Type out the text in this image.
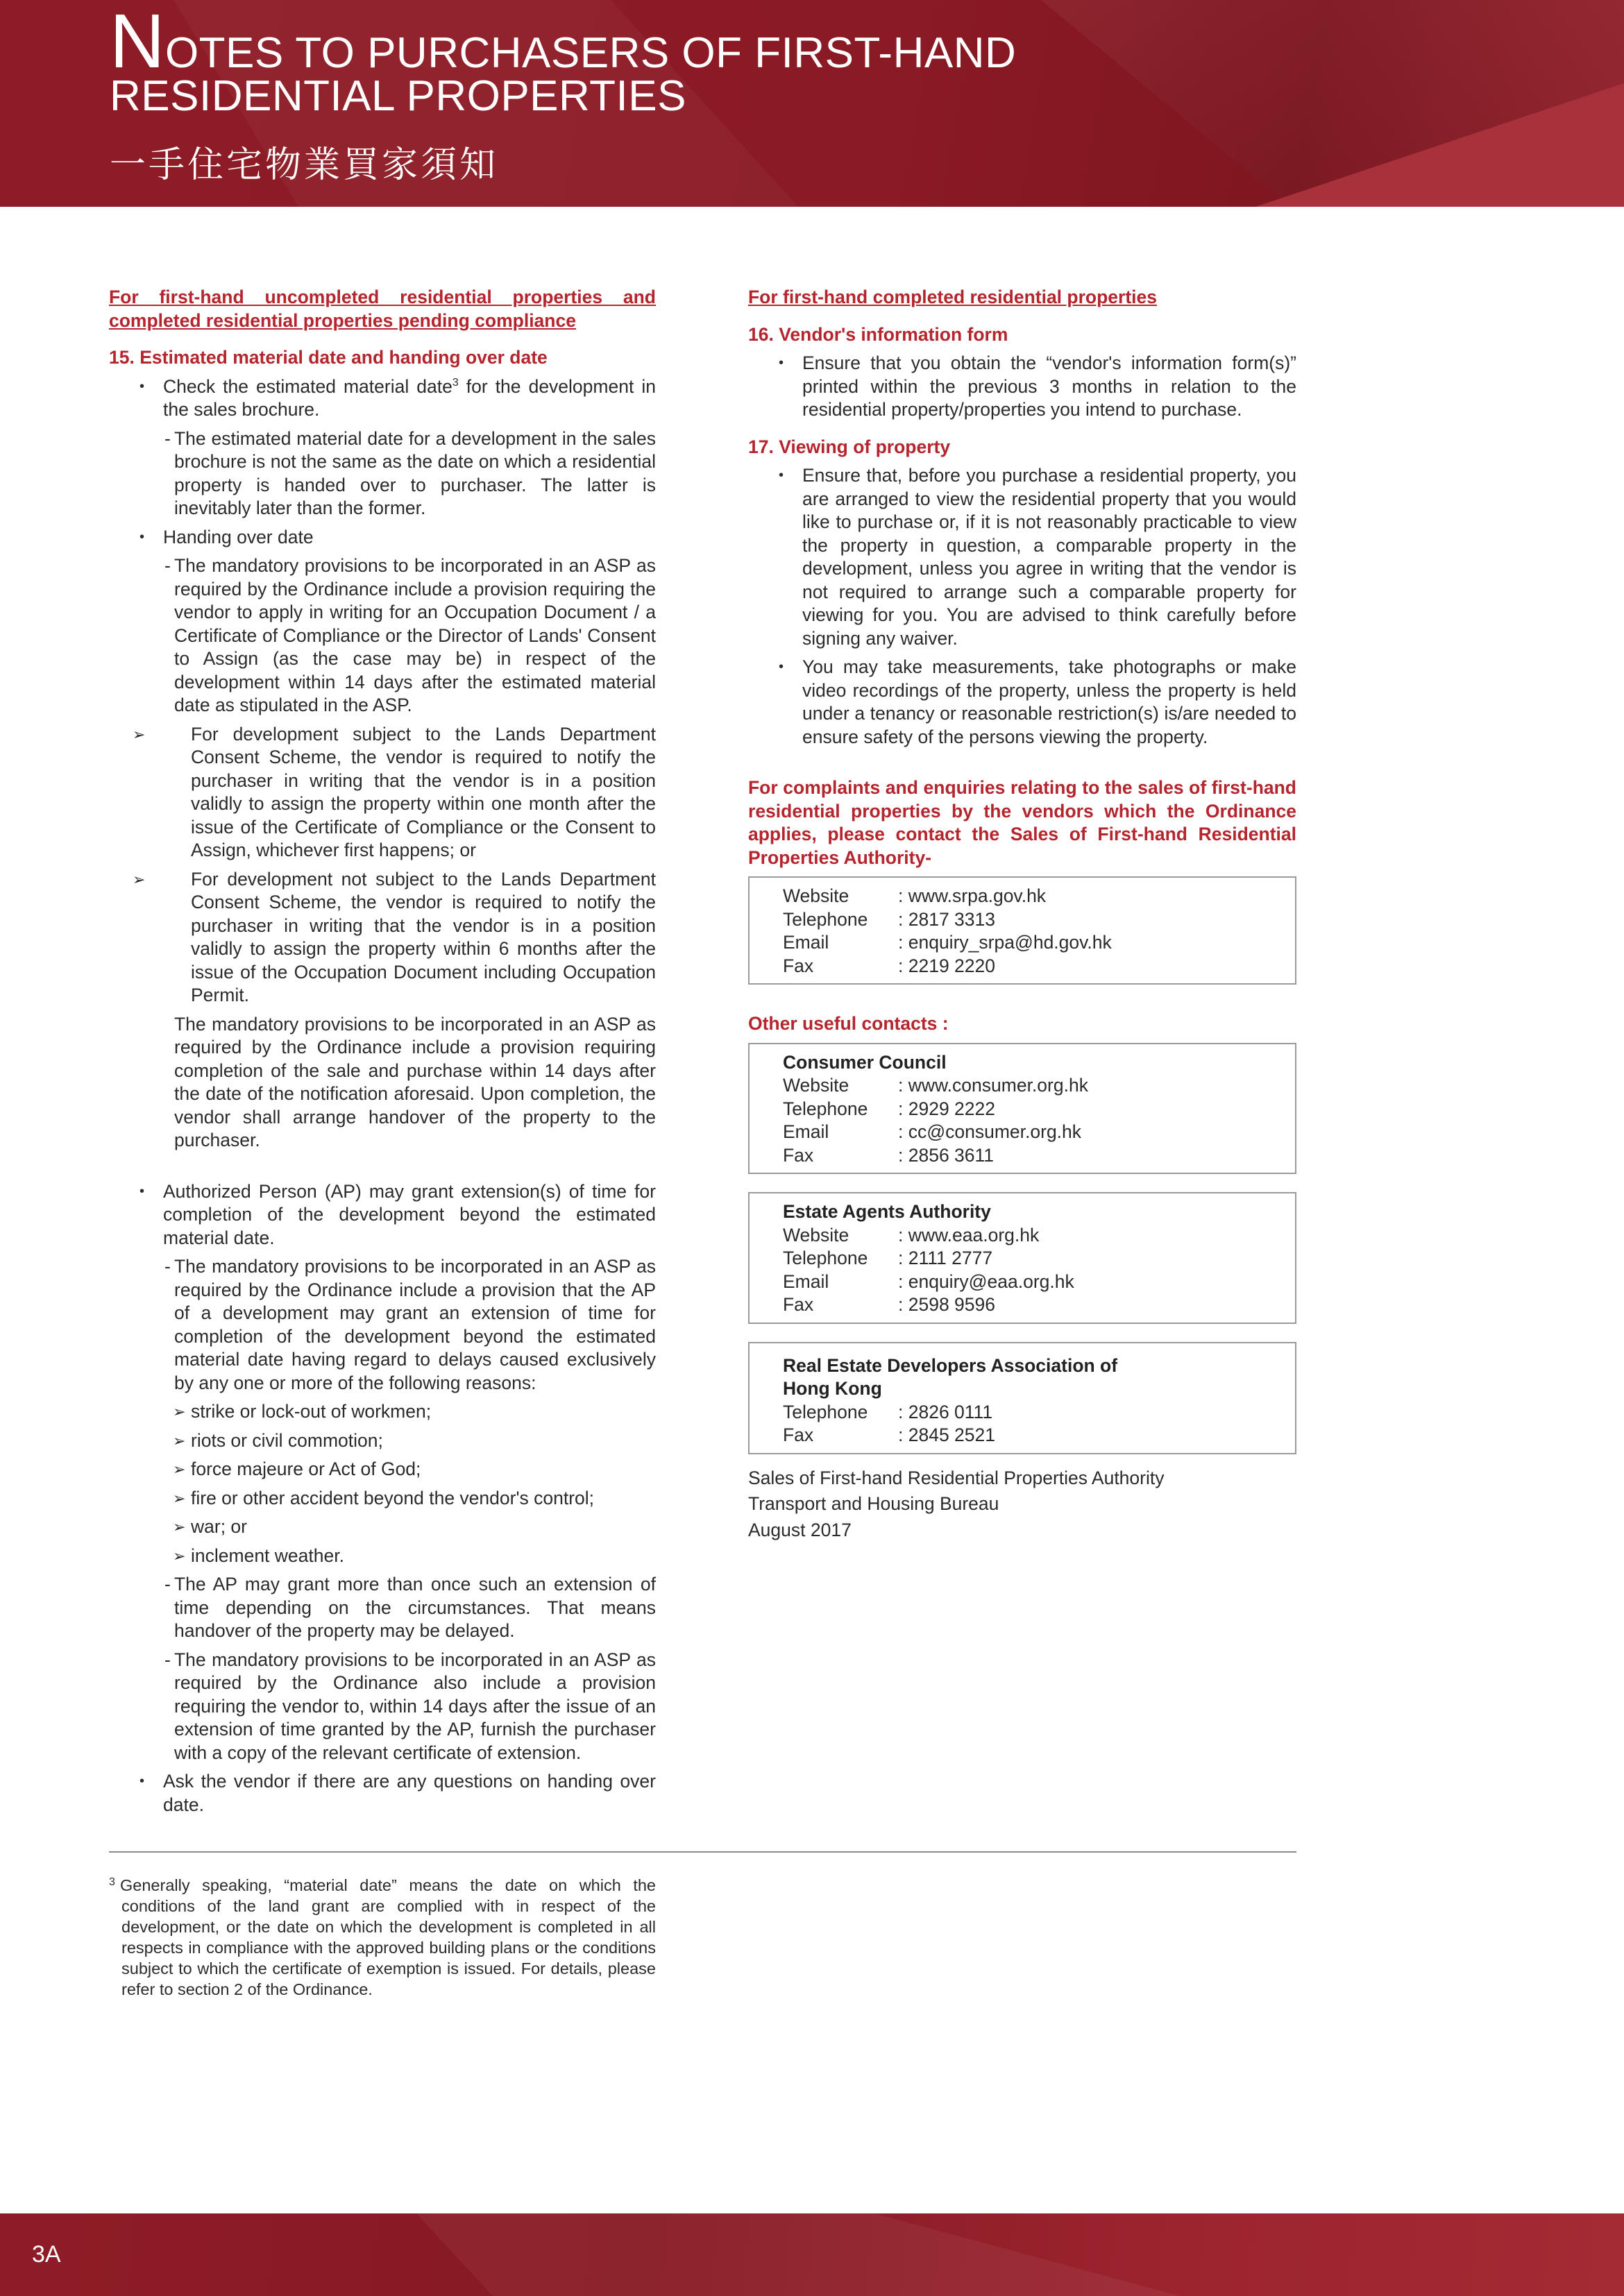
NOTES TO PURCHASERS OF FIRST-HAND
RESIDENTIAL PROPERTIES
一手住宅物業買家須知
For first-hand uncompleted residential properties and completed residential properties pending compliance
15. Estimated material date and handing over date
• Check the estimated material date$^3$ for the development in the sales brochure.
- The estimated material date for a development in the sales brochure is not the same as the date on which a residential property is handed over to purchaser. The latter is inevitably later than the former.
• Handing over date
- The mandatory provisions to be incorporated in an ASP as required by the Ordinance include a provision requiring the vendor to apply in writing for an Occupation Document / a Certificate of Compliance or the Director of Lands' Consent to Assign (as the case may be) in respect of the development within 14 days after the estimated material date as stipulated in the ASP.
➢ For development subject to the Lands Department Consent Scheme, the vendor is required to notify the purchaser in writing that the vendor is in a position validly to assign the property within one month after the issue of the Certificate of Compliance or the Consent to Assign, whichever first happens; or
➢ For development not subject to the Lands Department Consent Scheme, the vendor is required to notify the purchaser in writing that the vendor is in a position validly to assign the property within 6 months after the issue of the Occupation Document including Occupation Permit.
The mandatory provisions to be incorporated in an ASP as required by the Ordinance include a provision requiring completion of the sale and purchase within 14 days after the date of the notification aforesaid. Upon completion, the vendor shall arrange handover of the property to the purchaser.
• Authorized Person (AP) may grant extension(s) of time for completion of the development beyond the estimated material date.
- The mandatory provisions to be incorporated in an ASP as required by the Ordinance include a provision that the AP of a development may grant an extension of time for completion of the development beyond the estimated material date having regard to delays caused exclusively by any one or more of the following reasons:
➢ strike or lock-out of workmen;
➢ riots or civil commotion;
➢ force majeure or Act of God;
➢ fire or other accident beyond the vendor's control;
➢ war; or
➢ inclement weather.
- The AP may grant more than once such an extension of time depending on the circumstances. That means handover of the property may be delayed.
- The mandatory provisions to be incorporated in an ASP as required by the Ordinance also include a provision requiring the vendor to, within 14 days after the issue of an extension of time granted by the AP, furnish the purchaser with a copy of the relevant certificate of extension.
• Ask the vendor if there are any questions on handing over date.
For first-hand completed residential properties
16. Vendor's information form
• Ensure that you obtain the “vendor's information form(s)” printed within the previous 3 months in relation to the residential property/properties you intend to purchase.
17. Viewing of property
• Ensure that, before you purchase a residential property, you are arranged to view the residential property that you would like to purchase or, if it is not reasonably practicable to view the property in question, a comparable property in the development, unless you agree in writing that the vendor is not required to arrange such a comparable property for viewing for you. You are advised to think carefully before signing any waiver.
• You may take measurements, take photographs or make video recordings of the property, unless the property is held under a tenancy or reasonable restriction(s) is/are needed to ensure safety of the persons viewing the property.
For complaints and enquiries relating to the sales of first-hand residential properties by the vendors which the Ordinance applies, please contact the Sales of First-hand Residential Properties Authority-
Website	: www.srpa.gov.hk
Telephone	: 2817 3313
Email	: enquiry_srpa@hd.gov.hk
Fax	: 2219 2220
Other useful contacts :
Consumer Council
Website	: www.consumer.org.hk
Telephone	: 2929 2222
Email	: cc@consumer.org.hk
Fax	: 2856 3611
Estate Agents Authority
Website	: www.eaa.org.hk
Telephone	: 2111 2777
Email	: enquiry@eaa.org.hk
Fax	: 2598 9596
Real Estate Developers Association of
Hong Kong
Telephone	: 2826 0111
Fax	: 2845 2521
Sales of First-hand Residential Properties Authority
Transport and Housing Bureau
August 2017
3 Generally speaking, “material date” means the date on which the conditions of the land grant are complied with in respect of the development, or the date on which the development is completed in all respects in compliance with the approved building plans or the conditions subject to which the certificate of exemption is issued. For details, please refer to section 2 of the Ordinance.
3A
